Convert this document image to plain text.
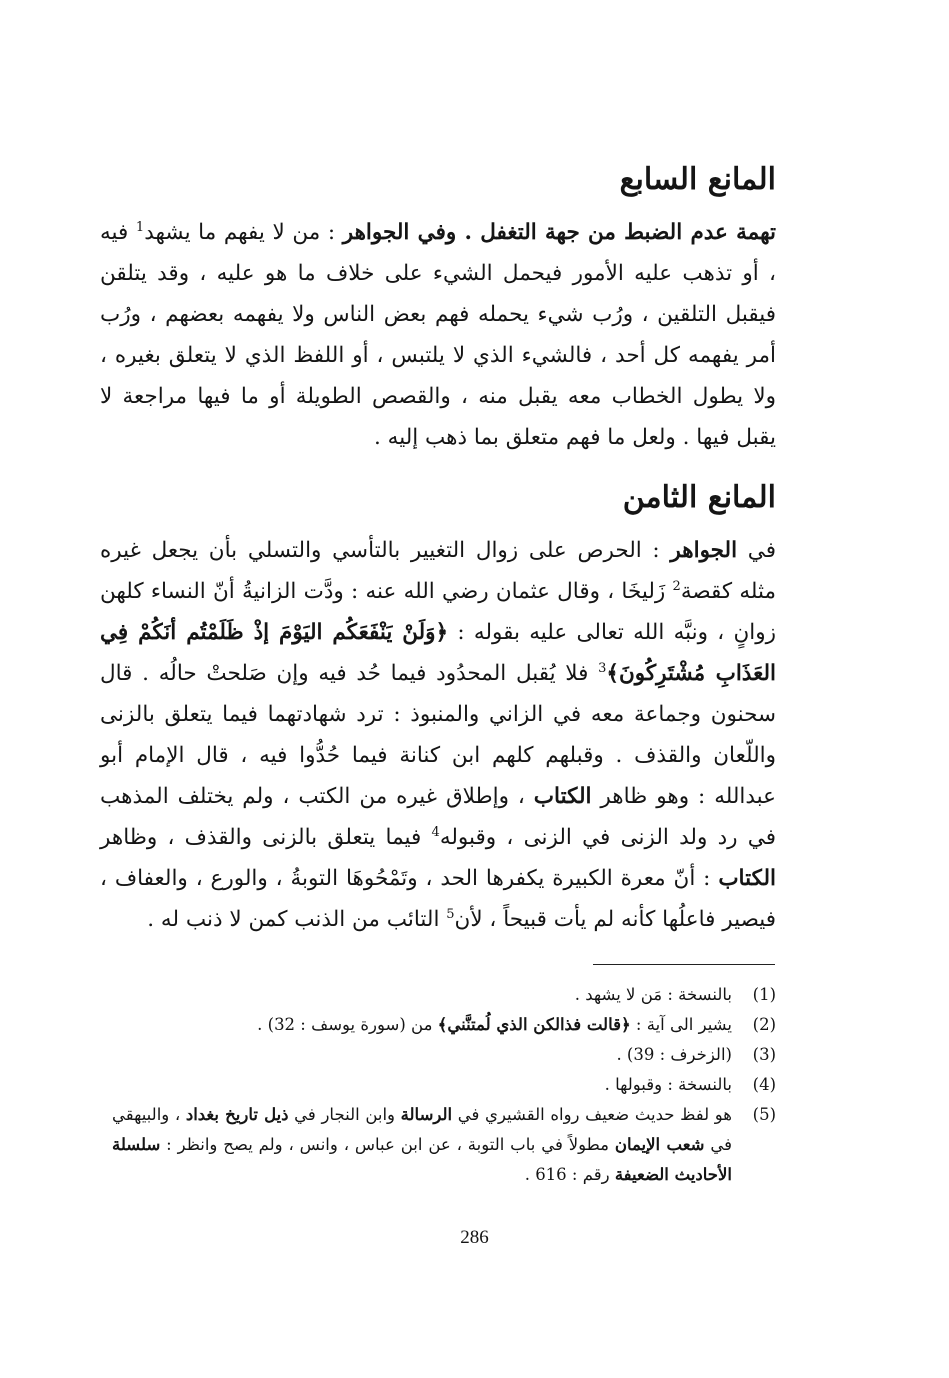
المانع السابع
تهمة عدم الضبط من جهة التغفل . وفي الجواهر : من لا يفهم ما يشهد$^1$ فيه ، أو تذهب عليه الأمور فيحمل الشيء على خلاف ما هو عليه ، وقد يتلقن فيقبل التلقين ، ورُب شيء يحمله فهم بعض الناس ولا يفهمه بعضهم ، ورُب أمر يفهمه كل أحد ، فالشيء الذي لا يلتبس ، أو اللفظ الذي لا يتعلق بغيره ، ولا يطول الخطاب معه يقبل منه ، والقصص الطويلة أو ما فيها مراجعة لا يقبل فيها . ولعل ما فهم متعلق بما ذهب إليه .
المانع الثامن
في الجواهر : الحرص على زوال التغيير بالتأسي والتسلي بأن يجعل غيره مثله كقصة$^2$ زَليخَا ، وقال عثمان رضي الله عنه : ودَّت الزانيةُ أنّ النساء كلهن زوانٍ ، ونبَّه الله تعالى عليه بقوله : ﴿وَلَنْ يَنْفَعَكُم اليَوْمَ إذْ ظَلَمْتُم أنَكُمْ فِي العَذَابِ مُشْتَرِكُونَ﴾$^3$ فلا يُقبل المحدُود فيما حُد فيه وإن صَلحتْ حالُه . قال سحنون وجماعة معه في الزاني والمنبوذ : ترد شهادتهما فيما يتعلق بالزنى واللّعان والقذف . وقبلهم كلهم ابن كنانة فيما حُدُّوا فيه ، قال الإمام أبو عبدالله : وهو ظاهر الكتاب ، وإطلاق غيره من الكتب ، ولم يختلف المذهب في رد ولد الزنى في الزنى ، وقبوله$^4$ فيما يتعلق بالزنى والقذف ، وظاهر الكتاب : أنّ معرة الكبيرة يكفرها الحد ، وتَمْحُوهَا التوبةُ ، والورع ، والعفاف ، فيصير فاعلُها كأنه لم يأت قبيحاً ، لأن$^5$ التائب من الذنب كمن لا ذنب له .
(1)
بالنسخة : مَن لا يشهد .
(2)
يشير الى آية : ﴿قالت فذالكن الذي لُمتنَّني﴾ من (سورة يوسف : 32) .
(3)
(الزخرف : 39) .
(4)
بالنسخة : وقبولها .
(5)
هو لفظ حديث ضعيف رواه القشيري في الرسالة وابن النجار في ذيل تاريخ بغداد ، والبيهقي في شعب الإيمان مطولاً في باب التوبة ، عن ابن عباس ، وانس ، ولم يصح وانظر : سلسلة الأحاديث الضعيفة رقم : 616 .
286
